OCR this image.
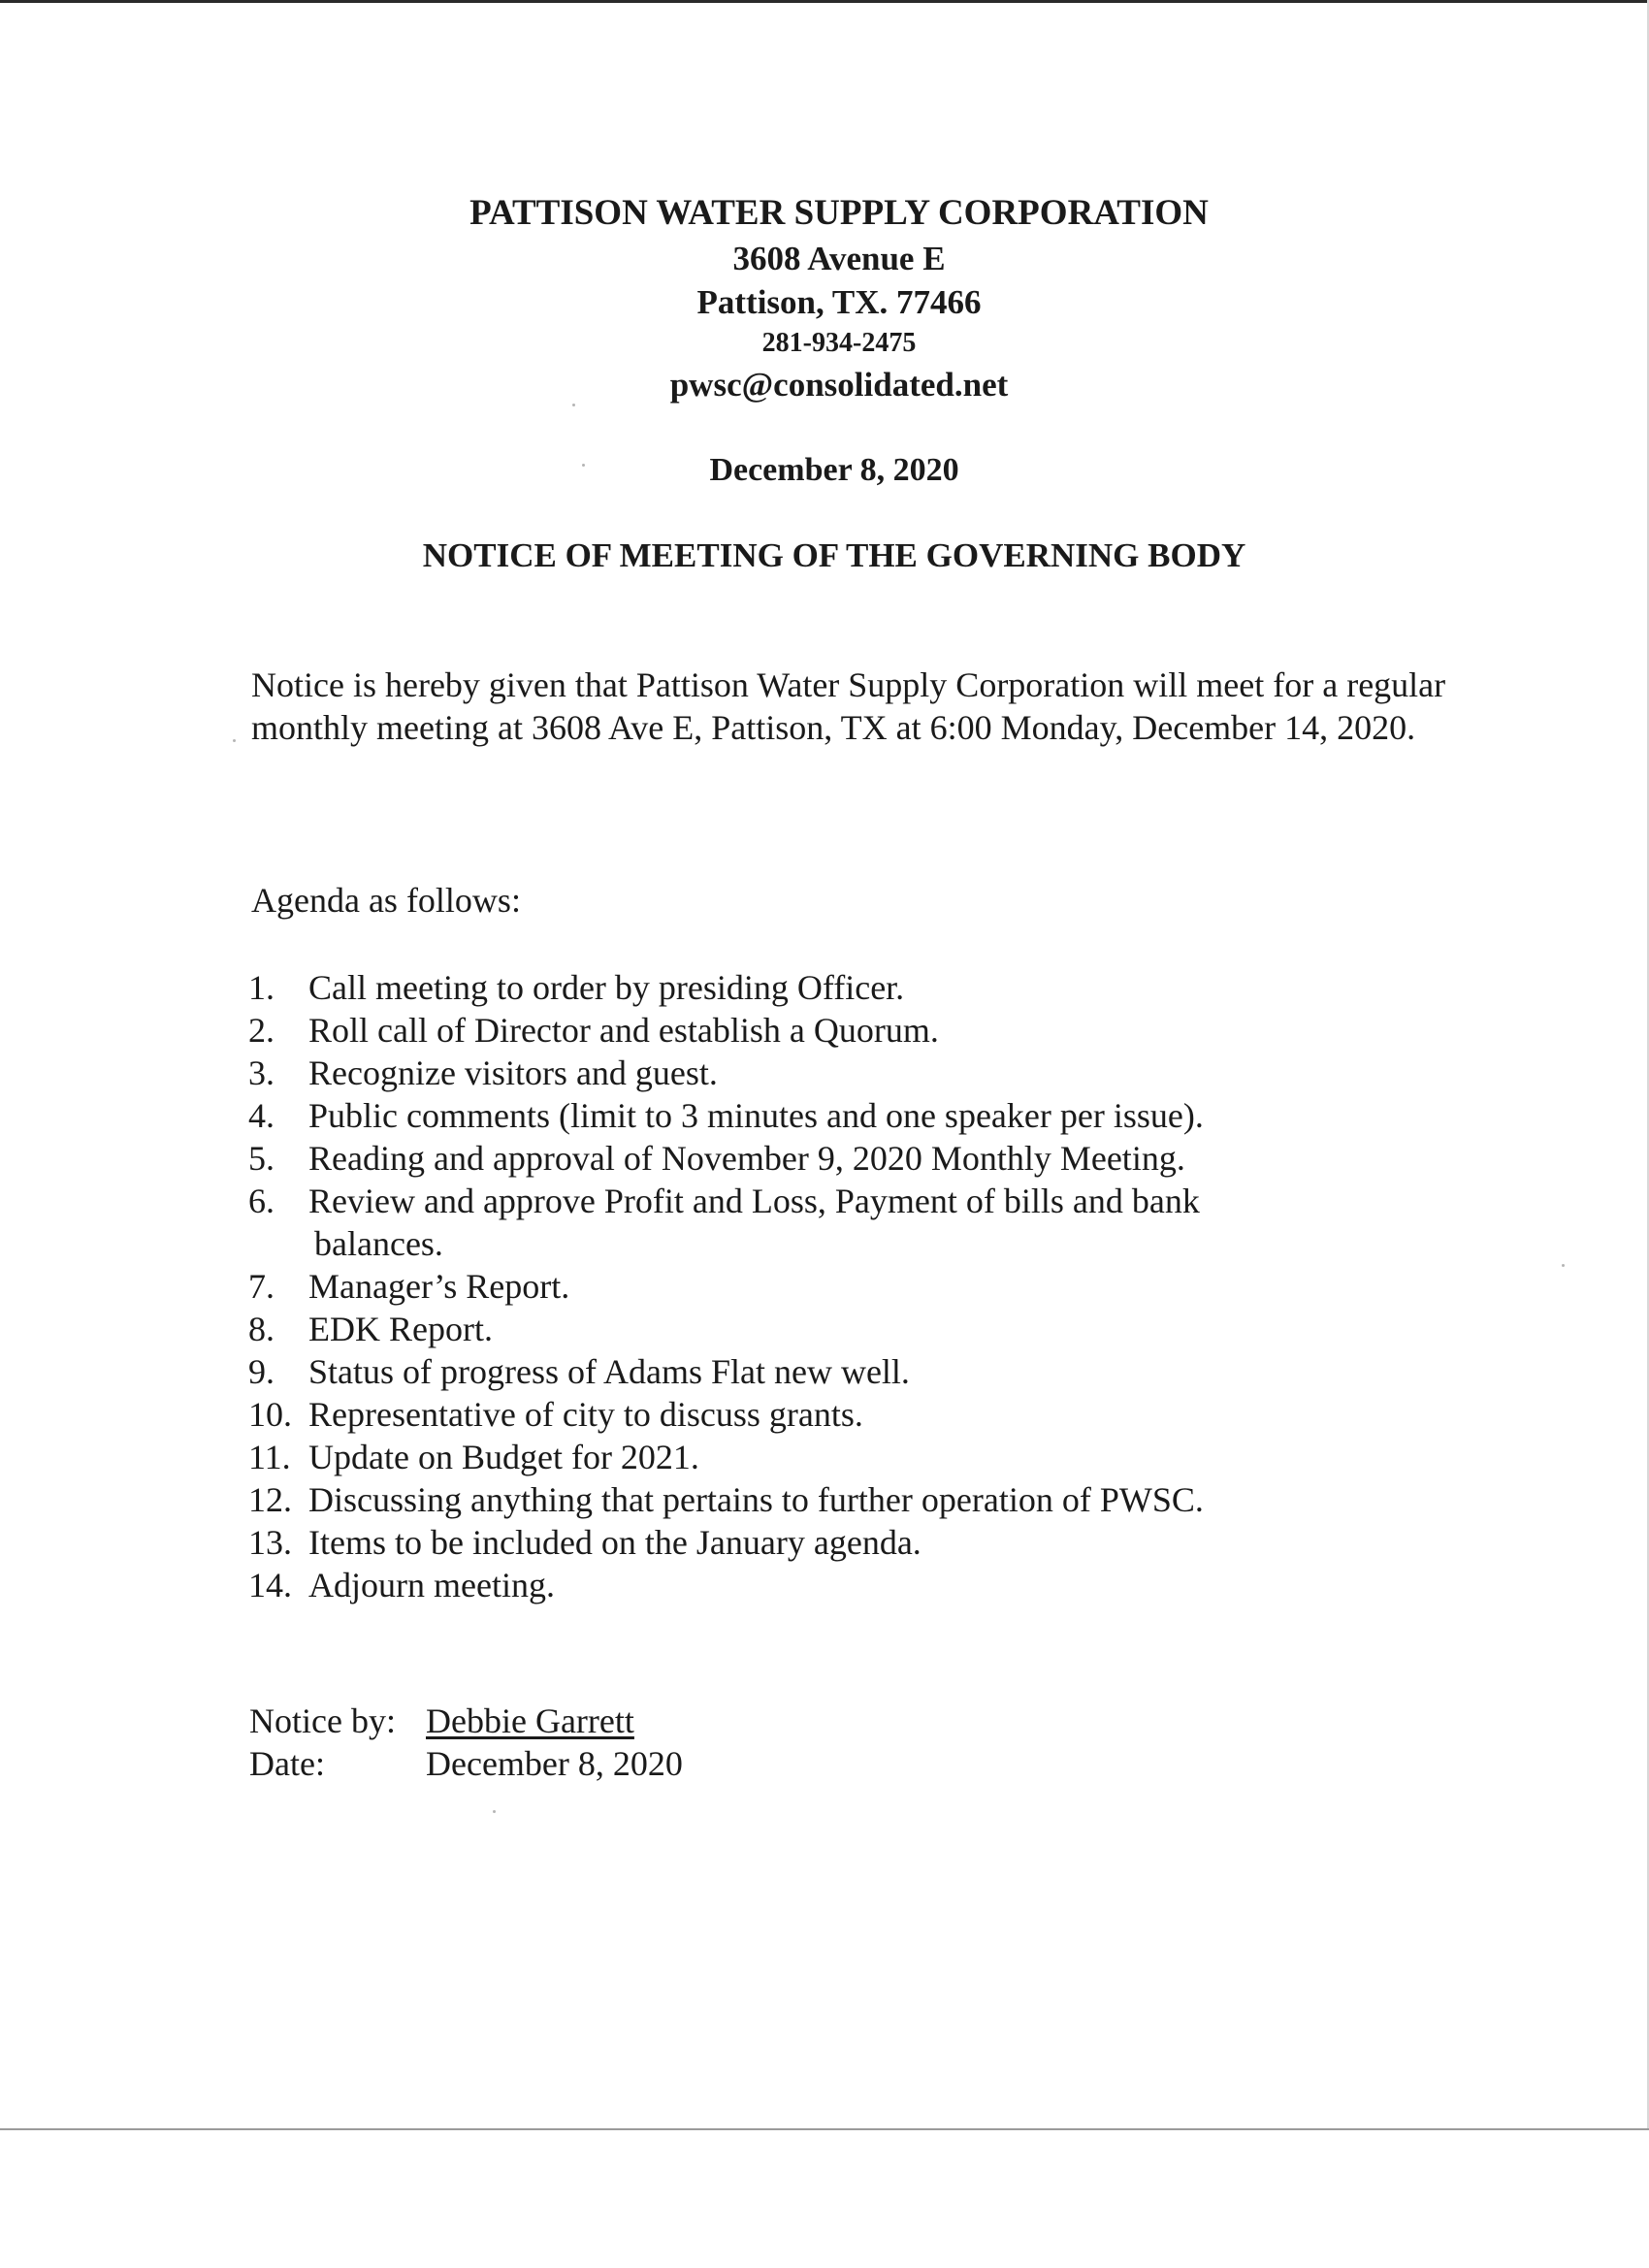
PATTISON WATER SUPPLY CORPORATION
3608 Avenue E
Pattison, TX. 77466
281-934-2475
pwsc@consolidated.net
December 8, 2020
NOTICE OF MEETING OF THE GOVERNING BODY

Notice is hereby given that Pattison Water Supply Corporation will meet for a regular monthly meeting at 3608 Ave E, Pattison, TX at 6:00 Monday, December 14, 2020.

Agenda as follows:

1. Call meeting to order by presiding Officer.
2. Roll call of Director and establish a Quorum.
3. Recognize visitors and guest.
4. Public comments (limit to 3 minutes and one speaker per issue).
5. Reading and approval of November 9, 2020 Monthly Meeting.
6. Review and approve Profit and Loss, Payment of bills and bank
balances.
7. Manager’s Report.
8. EDK Report.
9. Status of progress of Adams Flat new well.
10. Representative of city to discuss grants.
11. Update on Budget for 2021.
12. Discussing anything that pertains to further operation of PWSC.
13. Items to be included on the January agenda.
14. Adjourn meeting.
Notice by: Debbie Garrett
Date:	December 8, 2020
